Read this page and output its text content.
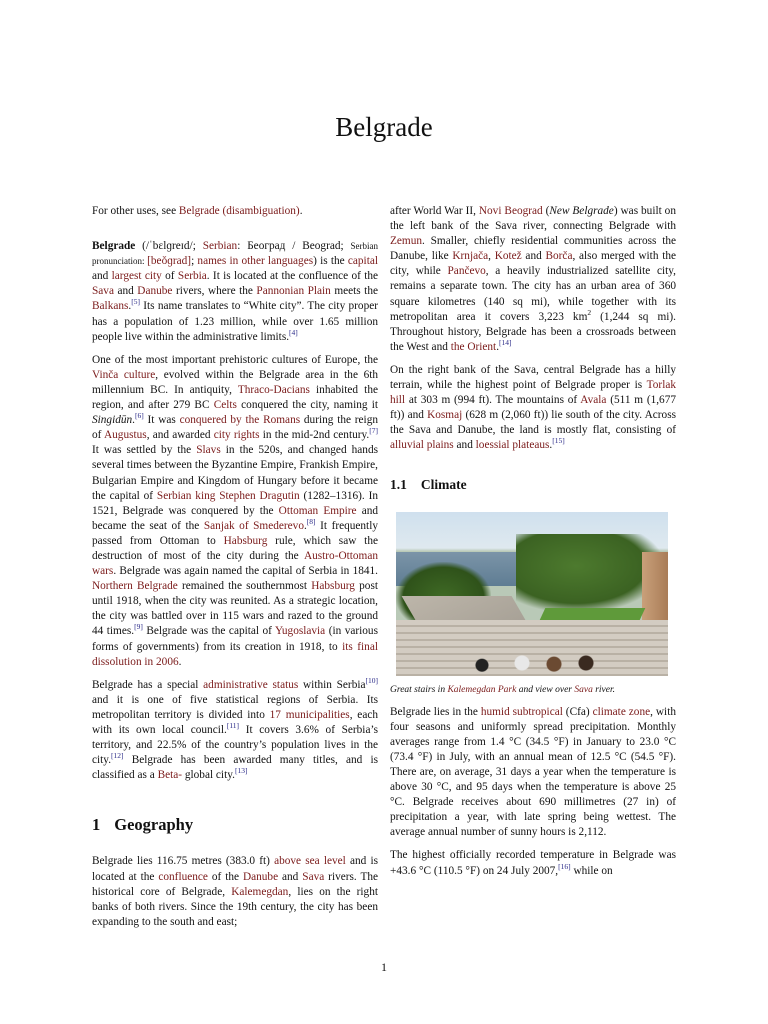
Belgrade

For other uses, see Belgrade (disambiguation).

Belgrade (/ˈbɛlɡreɪd/; Serbian: Београд / Beograd; Serbian pronunciation: [beǒɡrad]; names in other languages) is the capital and largest city of Serbia. It is located at the confluence of the Sava and Danube rivers, where the Pannonian Plain meets the Balkans.[5] Its name translates to “White city”. The city proper has a population of 1.23 million, while over 1.65 million people live within the administrative limits.[4]

One of the most important prehistoric cultures of Europe, the Vinča culture, evolved within the Belgrade area in the 6th millennium BC. In antiquity, Thraco-Dacians inhabited the region, and after 279 BC Celts conquered the city, naming it Singidūn.[6] It was conquered by the Romans during the reign of Augustus, and awarded city rights in the mid-2nd century.[7] It was settled by the Slavs in the 520s, and changed hands several times between the Byzantine Empire, Frankish Empire, Bulgarian Empire and Kingdom of Hungary before it became the capital of Serbian king Stephen Dragutin (1282–1316). In 1521, Belgrade was conquered by the Ottoman Empire and became the seat of the Sanjak of Smederevo.[8] It frequently passed from Ottoman to Habsburg rule, which saw the destruction of most of the city during the Austro-Ottoman wars. Belgrade was again named the capital of Serbia in 1841. Northern Belgrade remained the southernmost Habsburg post until 1918, when the city was reunited. As a strategic location, the city was battled over in 115 wars and razed to the ground 44 times.[9] Belgrade was the capital of Yugoslavia (in various forms of governments) from its creation in 1918, to its final dissolution in 2006.

Belgrade has a special administrative status within Serbia[10] and it is one of five statistical regions of Serbia. Its metropolitan territory is divided into 17 municipalities, each with its own local council.[11] It covers 3.6% of Serbia’s territory, and 22.5% of the country’s population lives in the city.[12] Belgrade has been awarded many titles, and is classified as a Beta- global city.[13]

1 Geography

Belgrade lies 116.75 metres (383.0 ft) above sea level and is located at the confluence of the Danube and Sava rivers. The historical core of Belgrade, Kalemegdan, lies on the right banks of both rivers. Since the 19th century, the city has been expanding to the south and east;

after World War II, Novi Beograd (New Belgrade) was built on the left bank of the Sava river, connecting Belgrade with Zemun. Smaller, chiefly residential communities across the Danube, like Krnjača, Kotež and Borča, also merged with the city, while Pančevo, a heavily industrialized satellite city, remains a separate town. The city has an urban area of 360 square kilometres (140 sq mi), while together with its metropolitan area it covers 3,223 $km^2$ (1,244 sq mi). Throughout history, Belgrade has been a crossroads between the West and the Orient.[14]

On the right bank of the Sava, central Belgrade has a hilly terrain, while the highest point of Belgrade proper is Torlak hill at 303 m (994 ft). The mountains of Avala (511 m (1,677 ft)) and Kosmaj (628 m (2,060 ft)) lie south of the city. Across the Sava and Danube, the land is mostly flat, consisting of alluvial plains and loessial plateaus.[15]

1.1 Climate

Great stairs in Kalemegdan Park and view over Sava river.

Belgrade lies in the humid subtropical (Cfa) climate zone, with four seasons and uniformly spread precipitation. Monthly averages range from 1.4 °C (34.5 °F) in January to 23.0 °C (73.4 °F) in July, with an annual mean of 12.5 °C (54.5 °F). There are, on average, 31 days a year when the temperature is above 30 °C, and 95 days when the temperature is above 25 °C. Belgrade receives about 690 millimetres (27 in) of precipitation a year, with late spring being wettest. The average annual number of sunny hours is 2,112.

The highest officially recorded temperature in Belgrade was +43.6 °C (110.5 °F) on 24 July 2007,[16] while on

1
